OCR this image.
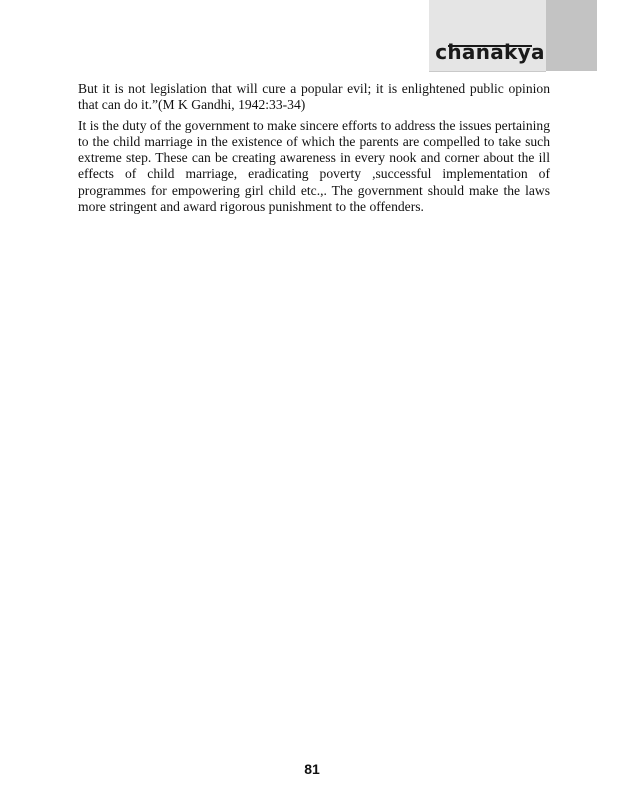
chanakya

But it is not legislation that will cure a popular evil; it is enlightened public opinion that can do it.”(M K Gandhi, 1942:33-34)

It is the duty of the government to make sincere efforts to address the issues pertaining to the child marriage in the existence of which the parents are compelled to take such extreme step. These can be creating awareness in every nook and corner about the ill effects of child marriage, eradicating poverty ,successful implementation of programmes for empowering girl child etc.,. The government should make the laws more stringent and award rigorous punishment to the offenders.

81
